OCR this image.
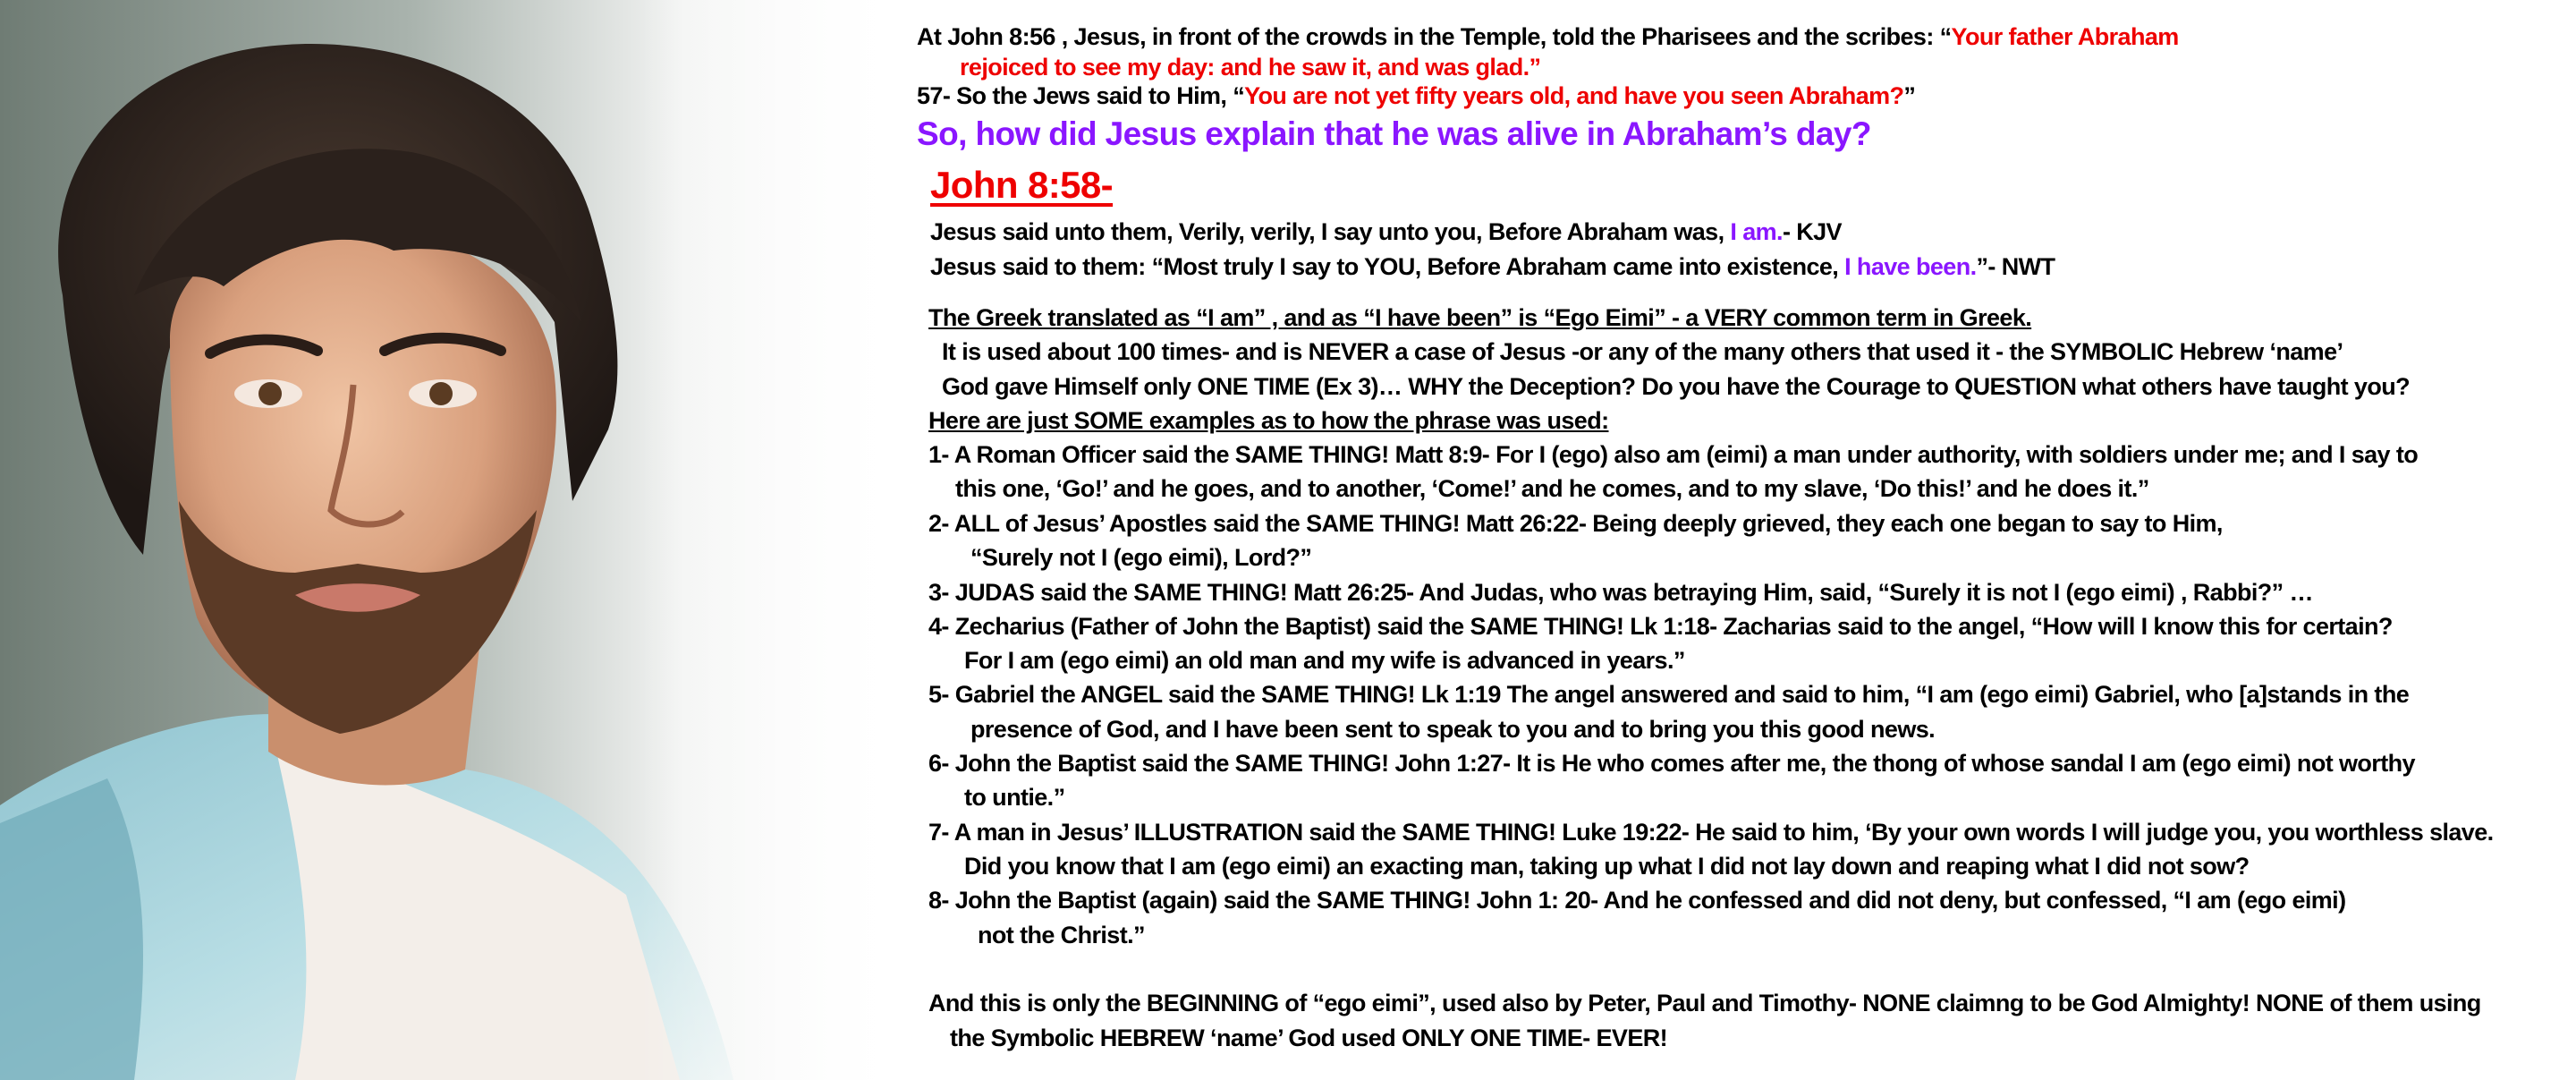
At John 8:56 , Jesus, in front of the crowds in the Temple, told the Pharisees and the scribes: “Your father Abraham
rejoiced to see my day: and he saw it, and was glad.”
57- So the Jews said to Him, “You are not yet fifty years old, and have you seen Abraham?”
So, how did Jesus explain that he was alive in Abraham’s day?
John 8:58-
Jesus said unto them, Verily, verily, I say unto you, Before Abraham was, I am.- KJV
Jesus said to them: “Most truly I say to YOU, Before Abraham came into existence, I have been.”- NWT
The Greek translated as “I am” , and as “I have been” is “Ego Eimi” - a VERY common term in Greek.
It is used about 100 times- and is NEVER a case of Jesus -or any of the many others that used it - the SYMBOLIC Hebrew ‘name’
God gave Himself only ONE TIME (Ex 3)… WHY the Deception? Do you have the Courage to QUESTION what others have taught you?
Here are just SOME examples as to how the phrase was used:
1- A Roman Officer said the SAME THING! Matt 8:9- For I (ego) also am (eimi) a man under authority, with soldiers under me; and I say to
this one, ‘Go!’ and he goes, and to another, ‘Come!’ and he comes, and to my slave, ‘Do this!’ and he does it.”
2- ALL of Jesus’ Apostles said the SAME THING! Matt 26:22- Being deeply grieved, they each one began to say to Him,
“Surely not I (ego eimi), Lord?”
3- JUDAS said the SAME THING! Matt 26:25- And Judas, who was betraying Him, said, “Surely it is not I (ego eimi) , Rabbi?” …
4- Zecharius (Father of John the Baptist) said the SAME THING! Lk 1:18- Zacharias said to the angel, “How will I know this for certain?
For I am (ego eimi) an old man and my wife is advanced in years.”
5- Gabriel the ANGEL said the SAME THING! Lk 1:19 The angel answered and said to him, “I am (ego eimi) Gabriel, who [a]stands in the
presence of God, and I have been sent to speak to you and to bring you this good news.
6- John the Baptist said the SAME THING! John 1:27- It is He who comes after me, the thong of whose sandal I am (ego eimi) not worthy
to untie.”
7- A man in Jesus’ ILLUSTRATION said the SAME THING! Luke 19:22- He said to him, ‘By your own words I will judge you, you worthless slave.
Did you know that I am (ego eimi) an exacting man, taking up what I did not lay down and reaping what I did not sow?
8- John the Baptist (again) said the SAME THING! John 1: 20- And he confessed and did not deny, but confessed, “I am (ego eimi)
not the Christ.”
And this is only the BEGINNING of “ego eimi”, used also by Peter, Paul and Timothy- NONE claimng to be God Almighty! NONE of them using
the Symbolic HEBREW ‘name’ God used ONLY ONE TIME- EVER!
